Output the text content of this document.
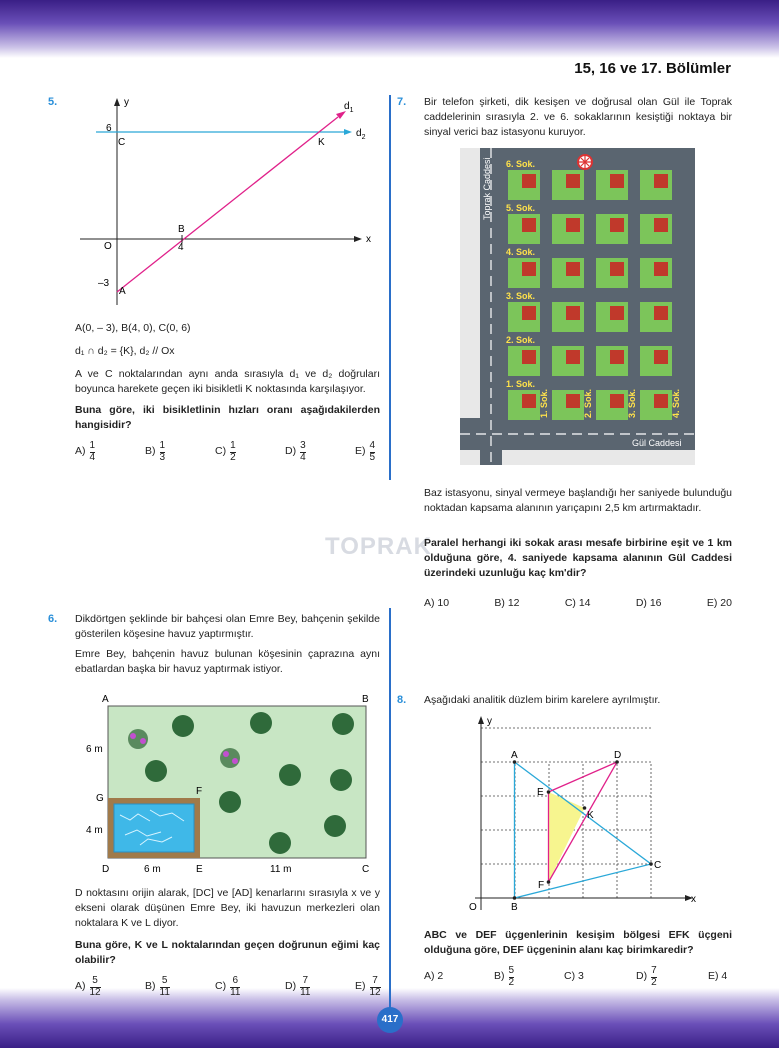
15, 16 ve 17. Bölümler
TOPRAK
5.	y
x
6
C	K
B
4
O
–3
A
$d_1$
$d_2$
A(0, – 3), B(4, 0), C(0, 6)
d₁ ∩ d₂ = {K}, d₂ // Ox
A ve C noktalarından aynı anda sırasıyla d₁ ve d₂ doğruları boyunca harekete geçen iki bisikletli K noktasında karşılaşıyor.
Buna göre, iki bisikletlinin hızları oranı aşağıdakilerden hangisidir?
$A) \frac{1}{4}$	$B) \frac{1}{3}$	$C) \frac{1}{2}$	$D) \frac{3}{4}$	$E) \frac{4}{5}$
6. Dikdörtgen şeklinde bir bahçesi olan Emre Bey, bahçenin şekilde gösterilen köşesine havuz yaptırmıştır.
Emre Bey, bahçenin havuz bulunan köşesinin çaprazına aynı ebatlardan başka bir havuz yaptırmak istiyor.
A	B
C
D	E
F
G
6 m
4 m
6 m	11 m
D noktasını orijin alarak, [DC] ve [AD] kenarlarını sırasıyla x ve y ekseni olarak düşünen Emre Bey, iki havuzun merkezleri olan noktalara K ve L diyor.
Buna göre, K ve L noktalarından geçen doğrunun eğimi kaç olabilir?
$A) \frac{5}{12}$	$B) \frac{5}{11}$	$C) \frac{6}{11}$	$D) \frac{7}{11}$	$E) \frac{7}{12}$
7. Bir telefon şirketi, dik kesişen ve doğrusal olan Gül ile Toprak caddelerinin sırasıyla 2. ve 6. sokaklarının kesiştiği noktaya bir sinyal verici baz istasyonu kuruyor.
6. Sok.
5. Sok.
4. Sok.
3. Sok.
2. Sok.
1. Sok.
1. Sok.	2. Sok.	3. Sok.	4. Sok.
Toprak Caddesi
Gül Caddesi
Baz istasyonu, sinyal vermeye başlandığı her saniyede bulunduğu noktadan kapsama alanının yarıçapını 2,5 km artırmaktadır.
Paralel herhangi iki sokak arası mesafe birbirine eşit ve 1 km olduğuna göre, 4. saniyede kapsama alanının Gül Caddesi üzerindeki uzunluğu kaç km'dir?
A) 10	B) 12	C) 14	D) 16	E) 20
8. Aşağıdaki analitik düzlem birim karelere ayrılmıştır.
y
x
O
A
B
C
D
E
F
K
ABC ve DEF üçgenlerinin kesişim bölgesi EFK üçgeni olduğuna göre, DEF üçgeninin alanı kaç birimkaredir?
A) 2	$B) \frac{5}{2}$	C) 3	$D) \frac{7}{2}$	E) 4
417
